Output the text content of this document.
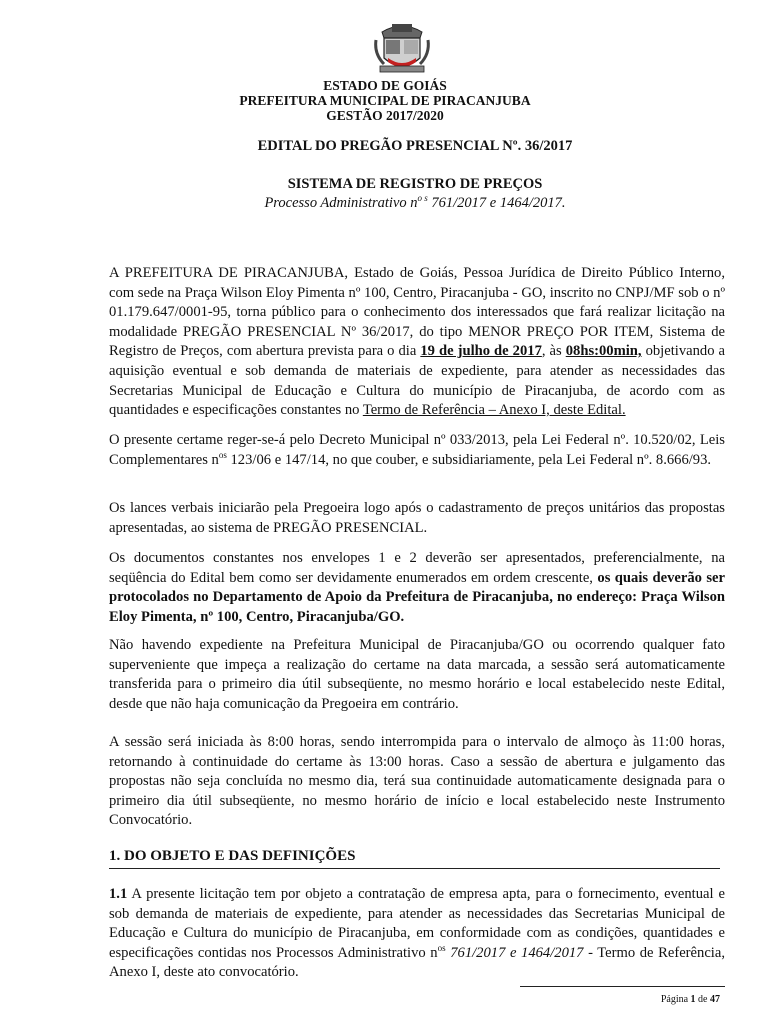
ESTADO DE GOIÁS
PREFEITURA MUNICIPAL DE PIRACANJUBA
GESTÃO 2017/2020
EDITAL DO PREGÃO PRESENCIAL Nº. 36/2017
SISTEMA DE REGISTRO DE PREÇOS
Processo Administrativo $n^{o s}$ 761/2017 e 1464/2017.

A PREFEITURA DE PIRACANJUBA, Estado de Goiás, Pessoa Jurídica de Direito Público Interno, com sede na Praça Wilson Eloy Pimenta nº 100, Centro, Piracanjuba - GO, inscrito no CNPJ/MF sob o nº 01.179.647/0001-95, torna público para o conhecimento dos interessados que fará realizar licitação na modalidade PREGÃO PRESENCIAL Nº 36/2017, do tipo MENOR PREÇO POR ITEM, Sistema de Registro de Preços, com abertura prevista para o dia 19 de julho de 2017, às 08hs:00min, objetivando a aquisição eventual e sob demanda de materiais de expediente, para atender as necessidades das Secretarias Municipal de Educação e Cultura do município de Piracanjuba, de acordo com as quantidades e especificações constantes no Termo de Referência – Anexo I, deste Edital.

O presente certame reger-se-á pelo Decreto Municipal nº 033/2013, pela Lei Federal nº. 10.520/02, Leis Complementares $n^{os}$ 123/06 e 147/14, no que couber, e subsidiariamente, pela Lei Federal nº. 8.666/93.

Os lances verbais iniciarão pela Pregoeira logo após o cadastramento de preços unitários das propostas apresentadas, ao sistema de PREGÃO PRESENCIAL.

Os documentos constantes nos envelopes 1 e 2 deverão ser apresentados, preferencialmente, na seqüência do Edital bem como ser devidamente enumerados em ordem crescente, os quais deverão ser protocolados no Departamento de Apoio da Prefeitura de Piracanjuba, no endereço: Praça Wilson Eloy Pimenta, nº 100, Centro, Piracanjuba/GO.

Não havendo expediente na Prefeitura Municipal de Piracanjuba/GO ou ocorrendo qualquer fato superveniente que impeça a realização do certame na data marcada, a sessão será automaticamente transferida para o primeiro dia útil subseqüente, no mesmo horário e local estabelecido neste Edital, desde que não haja comunicação da Pregoeira em contrário.

A sessão será iniciada às 8:00 horas, sendo interrompida para o intervalo de almoço às 11:00 horas, retornando à continuidade do certame às 13:00 horas. Caso a sessão de abertura e julgamento das propostas não seja concluída no mesmo dia, terá sua continuidade automaticamente designada para o primeiro dia útil subseqüente, no mesmo horário de início e local estabelecido neste Instrumento Convocatório.

1. DO OBJETO E DAS DEFINIÇÕES

1.1 A presente licitação tem por objeto a contratação de empresa apta, para o fornecimento, eventual e sob demanda de materiais de expediente, para atender as necessidades das Secretarias Municipal de Educação e Cultura do município de Piracanjuba, em conformidade com as condições, quantidades e especificações contidas nos Processos Administrativo $n^{os}$ 761/2017 e 1464/2017 - Termo de Referência, Anexo I, deste ato convocatório.

Página 1 de 47
